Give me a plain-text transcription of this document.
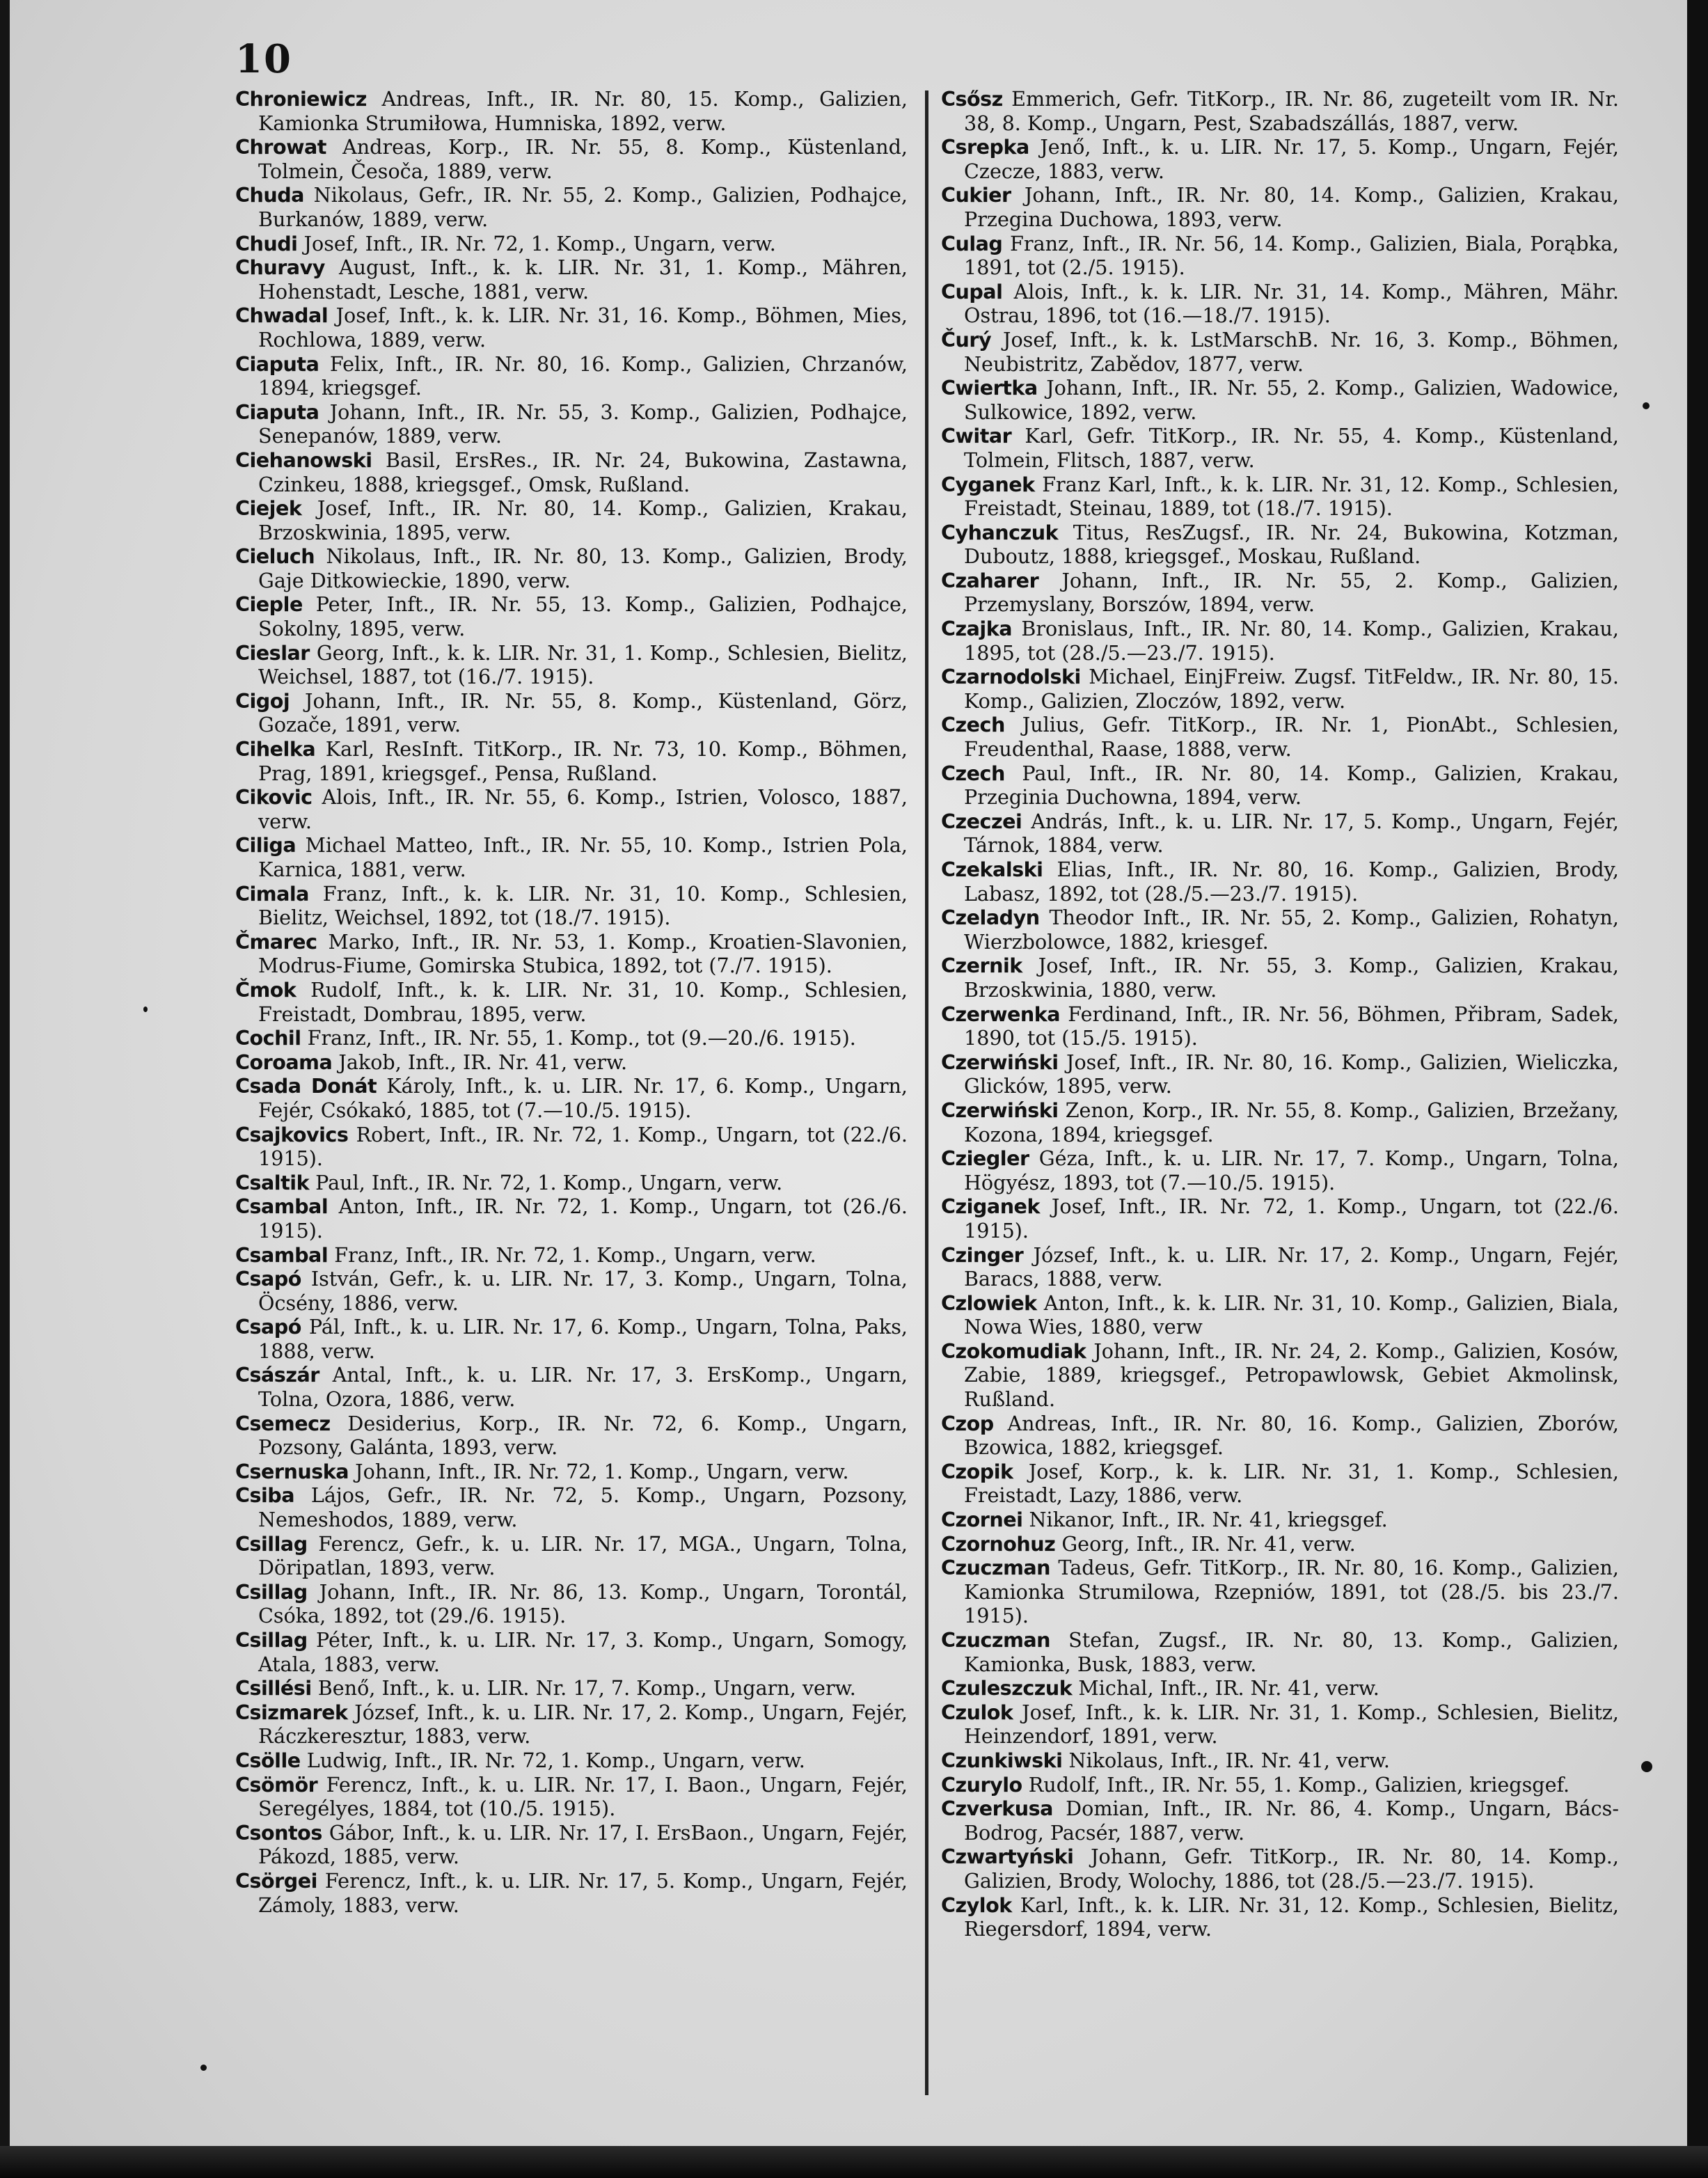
10

Chroniewicz Andreas, Inft., IR. Nr. 80, 15. Komp., Galizien, Kamionka Strumiłowa, Humniska, 1892, verw.

Chrowat Andreas, Korp., IR. Nr. 55, 8. Komp., Küstenland, Tolmein, Česoča, 1889, verw.

Chuda Nikolaus, Gefr., IR. Nr. 55, 2. Komp., Galizien, Podhajce, Burkanów, 1889, verw.

Chudi Josef, Inft., IR. Nr. 72, 1. Komp., Ungarn, verw.

Churavy August, Inft., k. k. LIR. Nr. 31, 1. Komp., Mähren, Hohenstadt, Lesche, 1881, verw.

Chwadal Josef, Inft., k. k. LIR. Nr. 31, 16. Komp., Böhmen, Mies, Rochlowa, 1889, verw.

Ciaputa Felix, Inft., IR. Nr. 80, 16. Komp., Galizien, Chrzanów, 1894, kriegsgef.

Ciaputa Johann, Inft., IR. Nr. 55, 3. Komp., Galizien, Podhajce, Senepanów, 1889, verw.

Ciehanowski Basil, ErsRes., IR. Nr. 24, Bukowina, Zastawna, Czinkeu, 1888, kriegsgef., Omsk, Rußland.

Ciejek Josef, Inft., IR. Nr. 80, 14. Komp., Galizien, Krakau, Brzoskwinia, 1895, verw.

Cieluch Nikolaus, Inft., IR. Nr. 80, 13. Komp., Galizien, Brody, Gaje Ditkowieckie, 1890, verw.

Cieple Peter, Inft., IR. Nr. 55, 13. Komp., Galizien, Podhajce, Sokolny, 1895, verw.

Cieslar Georg, Inft., k. k. LIR. Nr. 31, 1. Komp., Schlesien, Bielitz, Weichsel, 1887, tot (16./7. 1915).

Cigoj Johann, Inft., IR. Nr. 55, 8. Komp., Küstenland, Görz, Gozače, 1891, verw.

Cihelka Karl, ResInft. TitKorp., IR. Nr. 73, 10. Komp., Böhmen, Prag, 1891, kriegsgef., Pensa, Rußland.

Cikovic Alois, Inft., IR. Nr. 55, 6. Komp., Istrien, Volosco, 1887, verw.

Ciliga Michael Matteo, Inft., IR. Nr. 55, 10. Komp., Istrien Pola, Karnica, 1881, verw.

Cimala Franz, Inft., k. k. LIR. Nr. 31, 10. Komp., Schlesien, Bielitz, Weichsel, 1892, tot (18./7. 1915).

Čmarec Marko, Inft., IR. Nr. 53, 1. Komp., Kroatien-Slavonien, Modrus-Fiume, Gomirska Stubica, 1892, tot (7./7. 1915).

Čmok Rudolf, Inft., k. k. LIR. Nr. 31, 10. Komp., Schlesien, Freistadt, Dombrau, 1895, verw.

Cochil Franz, Inft., IR. Nr. 55, 1. Komp., tot (9.—20./6. 1915).

Coroama Jakob, Inft., IR. Nr. 41, verw.

Csada Donát Károly, Inft., k. u. LIR. Nr. 17, 6. Komp., Ungarn, Fejér, Csókakó, 1885, tot (7.—10./5. 1915).

Csajkovics Robert, Inft., IR. Nr. 72, 1. Komp., Ungarn, tot (22./6. 1915).

Csaltik Paul, Inft., IR. Nr. 72, 1. Komp., Ungarn, verw.

Csambal Anton, Inft., IR. Nr. 72, 1. Komp., Ungarn, tot (26./6. 1915).

Csambal Franz, Inft., IR. Nr. 72, 1. Komp., Ungarn, verw.

Csapó István, Gefr., k. u. LIR. Nr. 17, 3. Komp., Ungarn, Tolna, Öcsény, 1886, verw.

Csapó Pál, Inft., k. u. LIR. Nr. 17, 6. Komp., Ungarn, Tolna, Paks, 1888, verw.

Császár Antal, Inft., k. u. LIR. Nr. 17, 3. ErsKomp., Ungarn, Tolna, Ozora, 1886, verw.

Csemecz Desiderius, Korp., IR. Nr. 72, 6. Komp., Ungarn, Pozsony, Galánta, 1893, verw.

Csernuska Johann, Inft., IR. Nr. 72, 1. Komp., Ungarn, verw.

Csiba Lájos, Gefr., IR. Nr. 72, 5. Komp., Ungarn, Pozsony, Nemeshodos, 1889, verw.

Csillag Ferencz, Gefr., k. u. LIR. Nr. 17, MGA., Ungarn, Tolna, Döripatlan, 1893, verw.

Csillag Johann, Inft., IR. Nr. 86, 13. Komp., Ungarn, Torontál, Csóka, 1892, tot (29./6. 1915).

Csillag Péter, Inft., k. u. LIR. Nr. 17, 3. Komp., Ungarn, Somogy, Atala, 1883, verw.

Csillési Benő, Inft., k. u. LIR. Nr. 17, 7. Komp., Ungarn, verw.

Csizmarek József, Inft., k. u. LIR. Nr. 17, 2. Komp., Ungarn, Fejér, Ráczkeresztur, 1883, verw.

Csölle Ludwig, Inft., IR. Nr. 72, 1. Komp., Ungarn, verw.

Csömör Ferencz, Inft., k. u. LIR. Nr. 17, I. Baon., Ungarn, Fejér, Seregélyes, 1884, tot (10./5. 1915).

Csontos Gábor, Inft., k. u. LIR. Nr. 17, I. ErsBaon., Ungarn, Fejér, Pákozd, 1885, verw.

Csörgei Ferencz, Inft., k. u. LIR. Nr. 17, 5. Komp., Ungarn, Fejér, Zámoly, 1883, verw.

Csősz Emmerich, Gefr. TitKorp., IR. Nr. 86, zugeteilt vom IR. Nr. 38, 8. Komp., Ungarn, Pest, Szabadszállás, 1887, verw.

Csrepka Jenő, Inft., k. u. LIR. Nr. 17, 5. Komp., Ungarn, Fejér, Czecze, 1883, verw.

Cukier Johann, Inft., IR. Nr. 80, 14. Komp., Galizien, Krakau, Przegina Duchowa, 1893, verw.

Culag Franz, Inft., IR. Nr. 56, 14. Komp., Galizien, Biala, Porąbka, 1891, tot (2./5. 1915).

Cupal Alois, Inft., k. k. LIR. Nr. 31, 14. Komp., Mähren, Mähr. Ostrau, 1896, tot (16.—18./7. 1915).

Čurý Josef, Inft., k. k. LstMarschB. Nr. 16, 3. Komp., Böhmen, Neubistritz, Zabědov, 1877, verw.

Cwiertka Johann, Inft., IR. Nr. 55, 2. Komp., Galizien, Wadowice, Sulkowice, 1892, verw.

Cwitar Karl, Gefr. TitKorp., IR. Nr. 55, 4. Komp., Küstenland, Tolmein, Flitsch, 1887, verw.

Cyganek Franz Karl, Inft., k. k. LIR. Nr. 31, 12. Komp., Schlesien, Freistadt, Steinau, 1889, tot (18./7. 1915).

Cyhanczuk Titus, ResZugsf., IR. Nr. 24, Bukowina, Kotzman, Duboutz, 1888, kriegsgef., Moskau, Rußland.

Czaharer Johann, Inft., IR. Nr. 55, 2. Komp., Galizien, Przemyslany, Borszów, 1894, verw.

Czajka Bronislaus, Inft., IR. Nr. 80, 14. Komp., Galizien, Krakau, 1895, tot (28./5.—23./7. 1915).

Czarnodolski Michael, EinjFreiw. Zugsf. TitFeldw., IR. Nr. 80, 15. Komp., Galizien, Zloczów, 1892, verw.

Czech Julius, Gefr. TitKorp., IR. Nr. 1, PionAbt., Schlesien, Freudenthal, Raase, 1888, verw.

Czech Paul, Inft., IR. Nr. 80, 14. Komp., Galizien, Krakau, Przeginia Duchowna, 1894, verw.

Czeczei András, Inft., k. u. LIR. Nr. 17, 5. Komp., Ungarn, Fejér, Tárnok, 1884, verw.

Czekalski Elias, Inft., IR. Nr. 80, 16. Komp., Galizien, Brody, Labasz, 1892, tot (28./5.—23./7. 1915).

Czeladyn Theodor Inft., IR. Nr. 55, 2. Komp., Galizien, Rohatyn, Wierzbolowce, 1882, kriesgef.

Czernik Josef, Inft., IR. Nr. 55, 3. Komp., Galizien, Krakau, Brzoskwinia, 1880, verw.

Czerwenka Ferdinand, Inft., IR. Nr. 56, Böhmen, Přibram, Sadek, 1890, tot (15./5. 1915).

Czerwiński Josef, Inft., IR. Nr. 80, 16. Komp., Galizien, Wieliczka, Glicków, 1895, verw.

Czerwiński Zenon, Korp., IR. Nr. 55, 8. Komp., Galizien, Brzežany, Kozona, 1894, kriegsgef.

Cziegler Géza, Inft., k. u. LIR. Nr. 17, 7. Komp., Ungarn, Tolna, Högyész, 1893, tot (7.—10./5. 1915).

Cziganek Josef, Inft., IR. Nr. 72, 1. Komp., Ungarn, tot (22./6. 1915).

Czinger József, Inft., k. u. LIR. Nr. 17, 2. Komp., Ungarn, Fejér, Baracs, 1888, verw.

Czlowiek Anton, Inft., k. k. LIR. Nr. 31, 10. Komp., Galizien, Biala, Nowa Wies, 1880, verw

Czokomudiak Johann, Inft., IR. Nr. 24, 2. Komp., Galizien, Kosów, Zabie, 1889, kriegsgef., Petropawlowsk, Gebiet Akmolinsk, Rußland.

Czop Andreas, Inft., IR. Nr. 80, 16. Komp., Galizien, Zborów, Bzowica, 1882, kriegsgef.

Czopik Josef, Korp., k. k. LIR. Nr. 31, 1. Komp., Schlesien, Freistadt, Lazy, 1886, verw.

Czornei Nikanor, Inft., IR. Nr. 41, kriegsgef.

Czornohuz Georg, Inft., IR. Nr. 41, verw.

Czuczman Tadeus, Gefr. TitKorp., IR. Nr. 80, 16. Komp., Galizien, Kamionka Strumilowa, Rzepniów, 1891, tot (28./5. bis 23./7. 1915).

Czuczman Stefan, Zugsf., IR. Nr. 80, 13. Komp., Galizien, Kamionka, Busk, 1883, verw.

Czuleszczuk Michal, Inft., IR. Nr. 41, verw.

Czulok Josef, Inft., k. k. LIR. Nr. 31, 1. Komp., Schlesien, Bielitz, Heinzendorf, 1891, verw.

Czunkiwski Nikolaus, Inft., IR. Nr. 41, verw.

Czurylo Rudolf, Inft., IR. Nr. 55, 1. Komp., Galizien, kriegsgef.

Czverkusa Domian, Inft., IR. Nr. 86, 4. Komp., Ungarn, Bács-Bodrog, Pacsér, 1887, verw.

Czwartyński Johann, Gefr. TitKorp., IR. Nr. 80, 14. Komp., Galizien, Brody, Wolochy, 1886, tot (28./5.—23./7. 1915).

Czylok Karl, Inft., k. k. LIR. Nr. 31, 12. Komp., Schlesien, Bielitz, Riegersdorf, 1894, verw.
